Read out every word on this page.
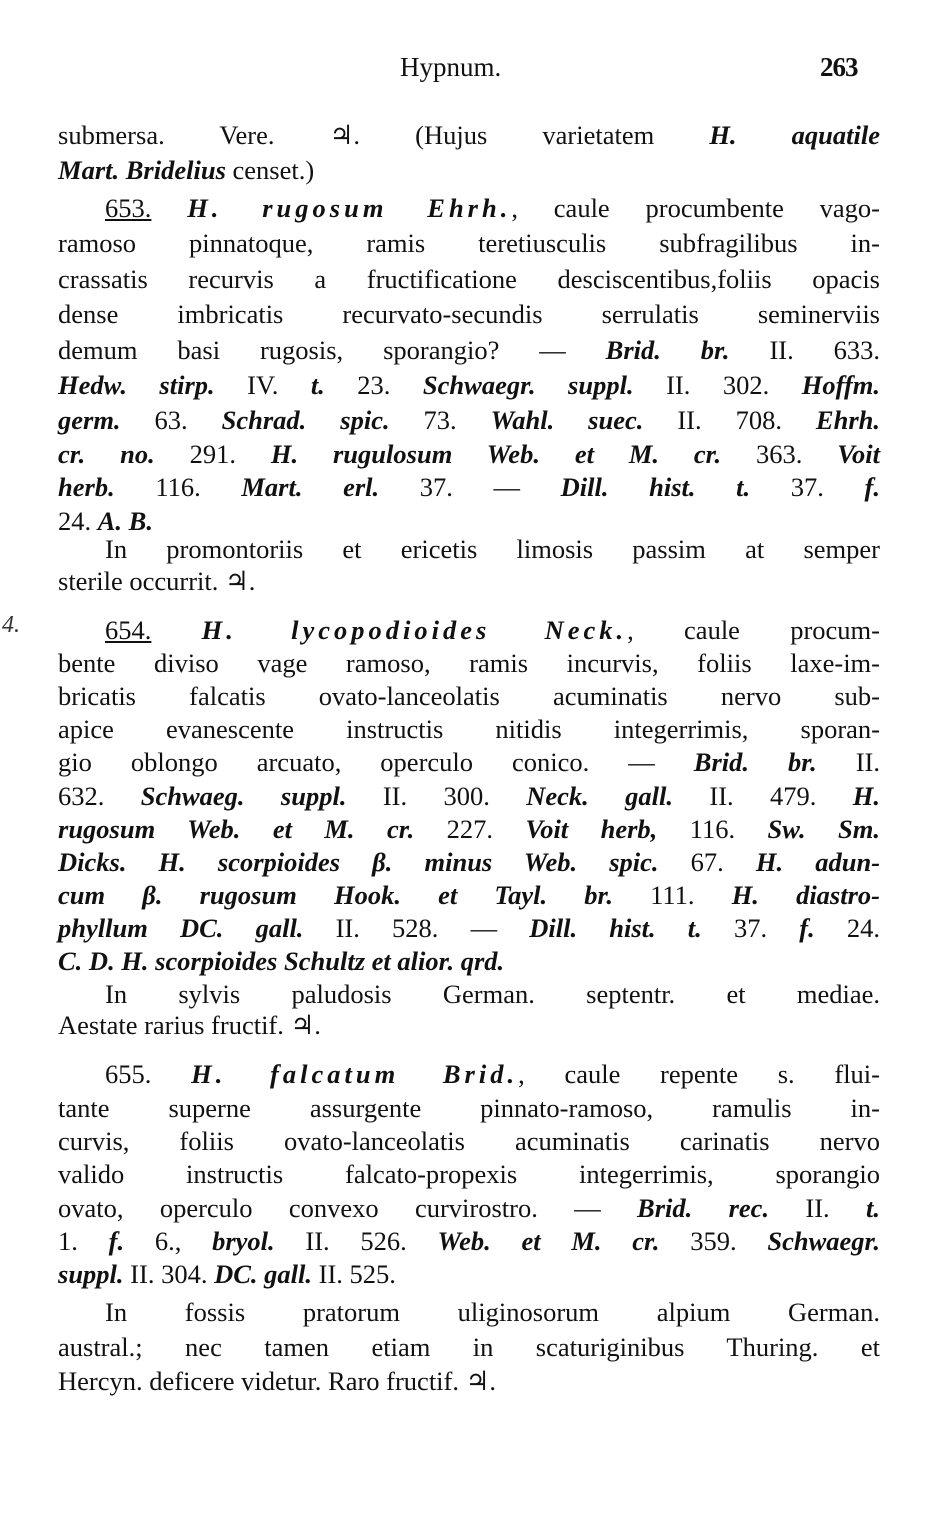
Hypnum.	263
4.
submersa. Vere. ♃. (Hujus varietatem H. aquatile
Mart. Bridelius censet.)
653. H. rugosum Ehrh., caule procumbente vago-
ramoso pinnatoque, ramis teretiusculis subfragilibus in-
crassatis recurvis a fructificatione desciscentibus,foliis opacis
dense imbricatis recurvato-secundis serrulatis seminerviis
demum basi rugosis, sporangio? — Brid. br. II. 633.
Hedw. stirp. IV. t. 23. Schwaegr. suppl. II. 302. Hoffm.
germ. 63. Schrad. spic. 73. Wahl. suec. II. 708. Ehrh.
cr. no. 291. H. rugulosum Web. et M. cr. 363. Voit
herb. 116. Mart. erl. 37. — Dill. hist. t. 37. f.
24. A. B.
In promontoriis et ericetis limosis passim at semper
sterile occurrit. ♃.
654. H. lycopodioides Neck., caule procum-
bente diviso vage ramoso, ramis incurvis, foliis laxe-im-
bricatis falcatis ovato-lanceolatis acuminatis nervo sub-
apice evanescente instructis nitidis integerrimis, sporan-
gio oblongo arcuato, operculo conico. — Brid. br. II.
632. Schwaeg. suppl. II. 300. Neck. gall. II. 479. H.
rugosum Web. et M. cr. 227. Voit herb, 116. Sw. Sm.
Dicks. H. scorpioides β. minus Web. spic. 67. H. adun-
cum β. rugosum Hook. et Tayl. br. 111. H. diastro-
phyllum DC. gall. II. 528. — Dill. hist. t. 37. f. 24.
C. D. H. scorpioides Schultz et alior. qrd.
In sylvis paludosis German. septentr. et mediae.
Aestate rarius fructif. ♃.
655. H. falcatum Brid., caule repente s. flui-
tante superne assurgente pinnato-ramoso, ramulis in-
curvis, foliis ovato-lanceolatis acuminatis carinatis nervo
valido instructis falcato-propexis integerrimis, sporangio
ovato, operculo convexo curvirostro. — Brid. rec. II. t.
1. f. 6., bryol. II. 526. Web. et M. cr. 359. Schwaegr.
suppl. II. 304. DC. gall. II. 525.
In fossis pratorum uliginosorum alpium German.
austral.; nec tamen etiam in scaturiginibus Thuring. et
Hercyn. deficere videtur. Raro fructif. ♃.
